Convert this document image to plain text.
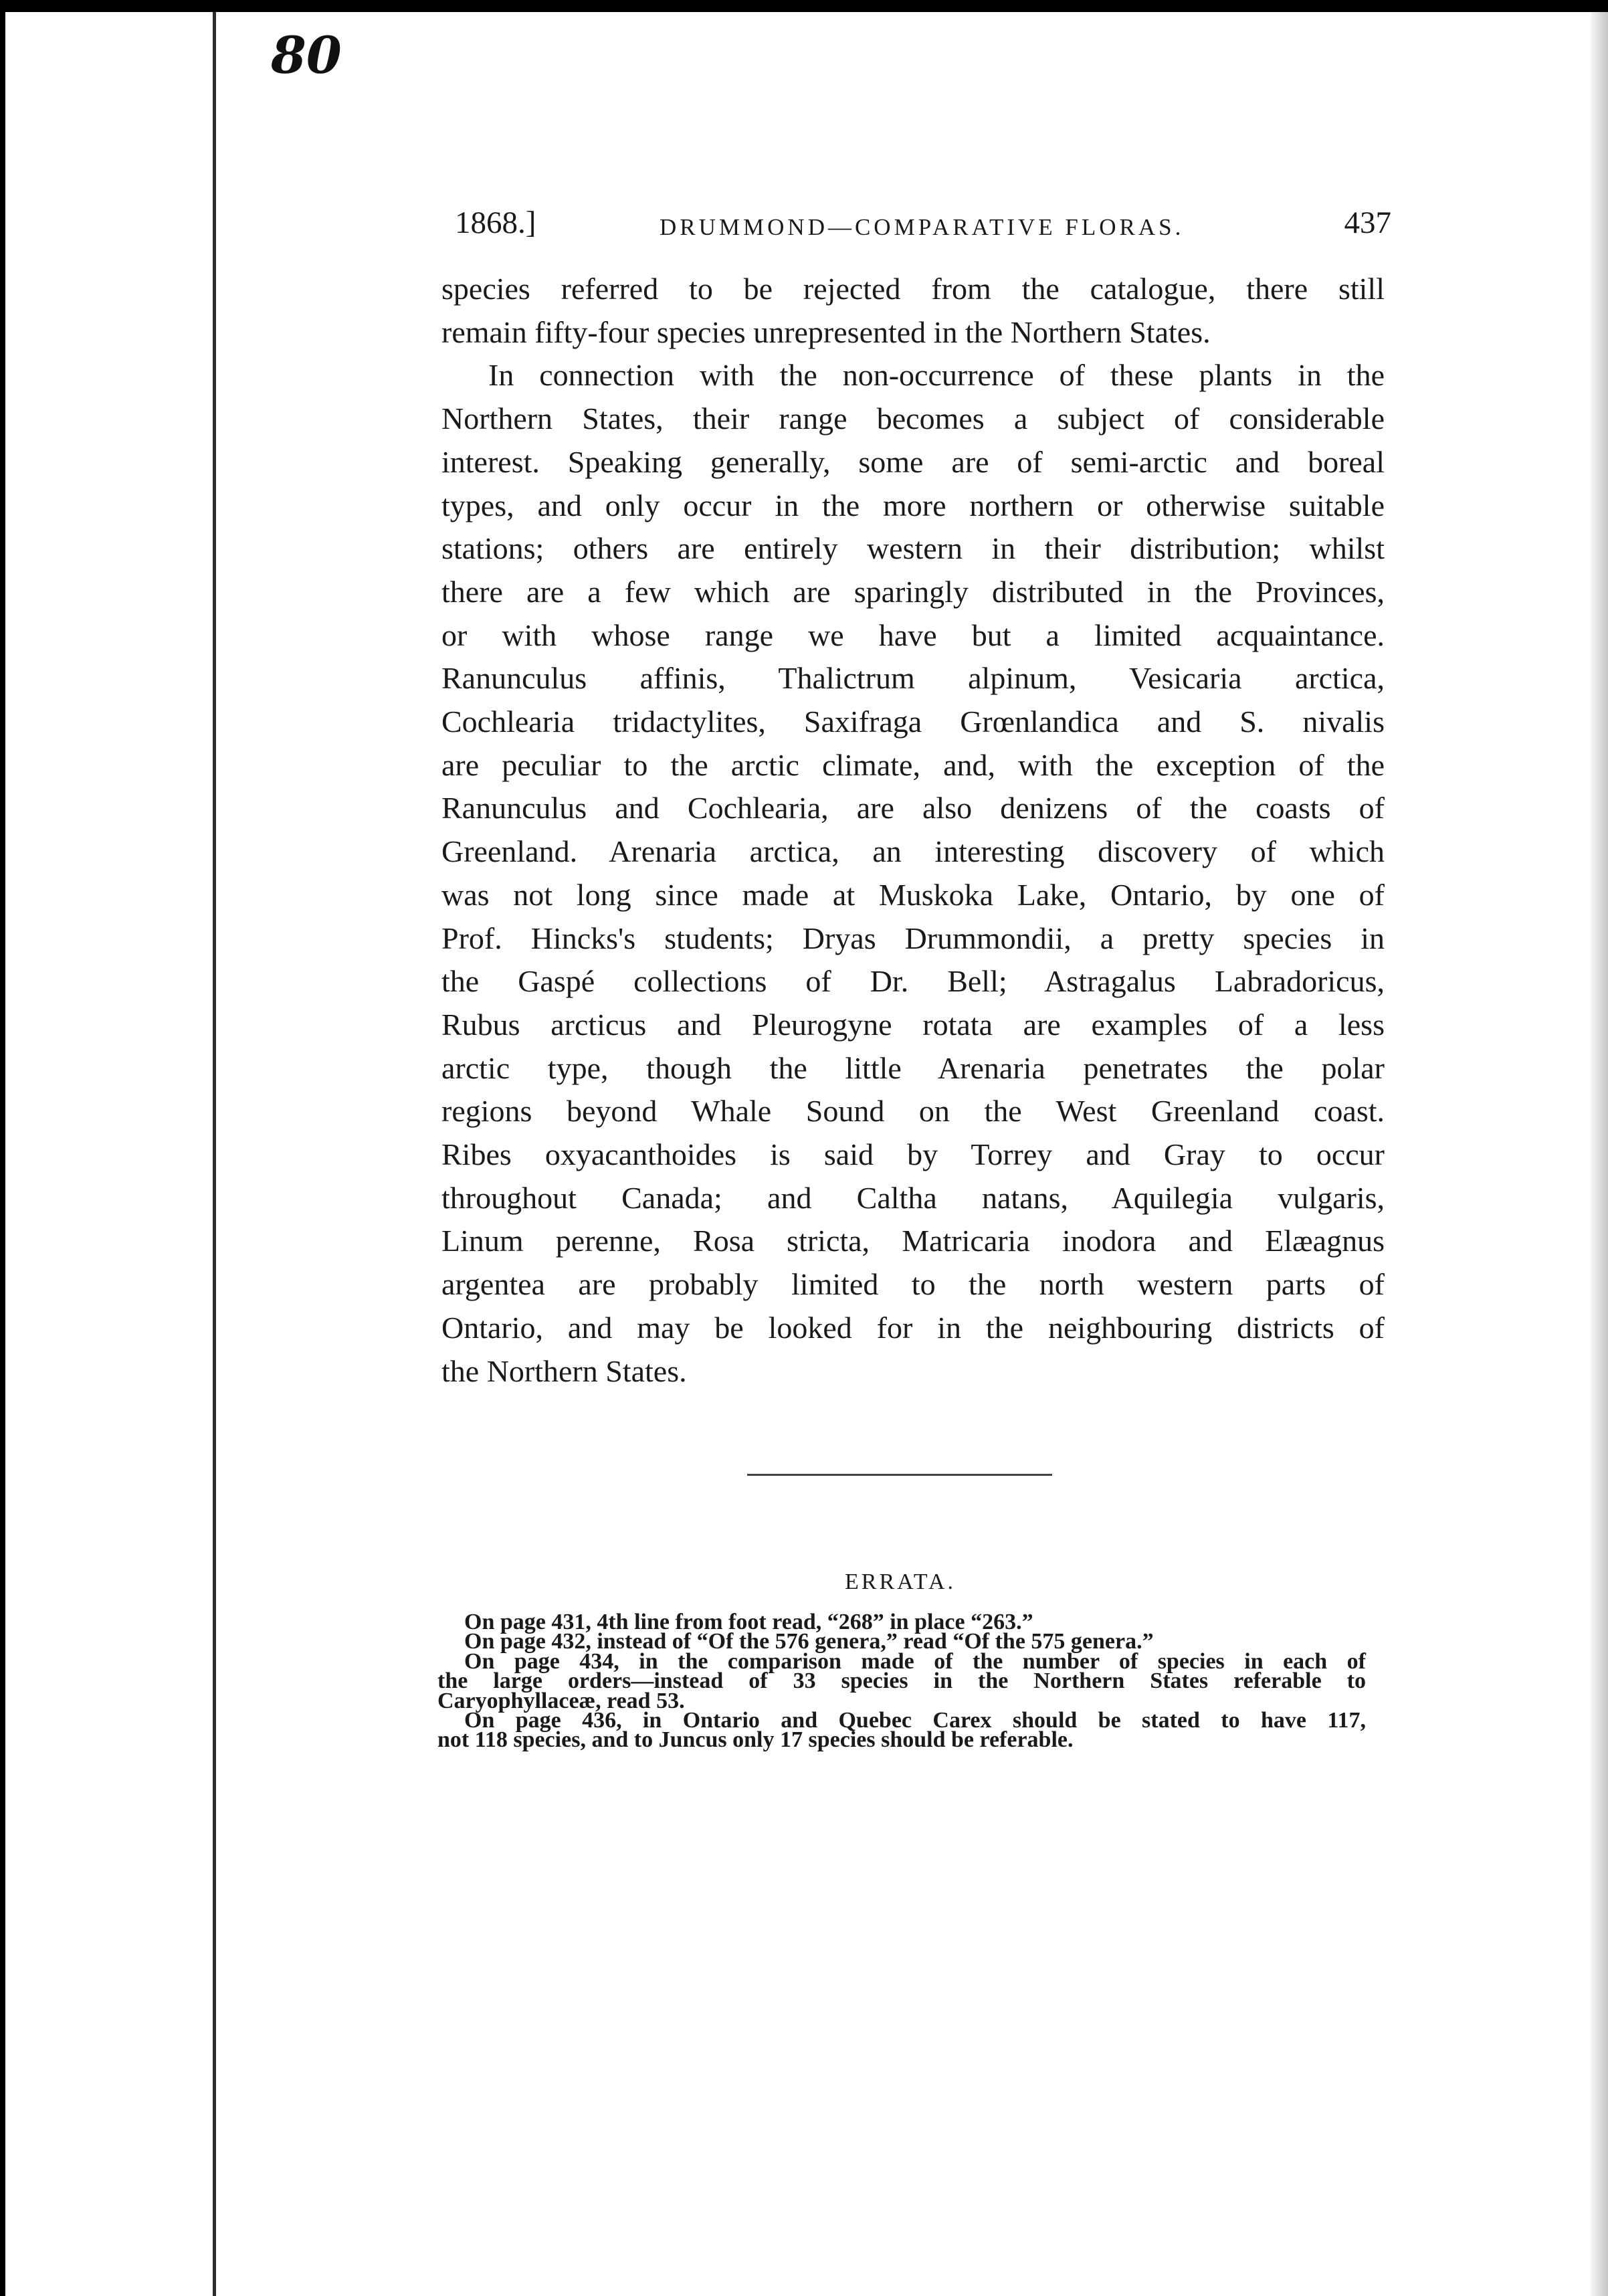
80
1868.]	DRUMMOND—COMPARATIVE FLORAS.	437
species referred to be rejected from the catalogue, there still
remain fifty-four species unrepresented in the Northern States.
In connection with the non-occurrence of these plants in the
Northern States, their range becomes a subject of considerable
interest. Speaking generally, some are of semi-arctic and boreal
types, and only occur in the more northern or otherwise suitable
stations; others are entirely western in their distribution; whilst
there are a few which are sparingly distributed in the Provinces,
or with whose range we have but a limited acquaintance.
Ranunculus affinis, Thalictrum alpinum, Vesicaria arctica,
Cochlearia tridactylites, Saxifraga Grœnlandica and S. nivalis
are peculiar to the arctic climate, and, with the exception of the
Ranunculus and Cochlearia, are also denizens of the coasts of
Greenland. Arenaria arctica, an interesting discovery of which
was not long since made at Muskoka Lake, Ontario, by one of
Prof. Hincks's students; Dryas Drummondii, a pretty species in
the Gaspé collections of Dr. Bell; Astragalus Labradoricus,
Rubus arcticus and Pleurogyne rotata are examples of a less
arctic type, though the little Arenaria penetrates the polar
regions beyond Whale Sound on the West Greenland coast.
Ribes oxyacanthoides is said by Torrey and Gray to occur
throughout Canada; and Caltha natans, Aquilegia vulgaris,
Linum perenne, Rosa stricta, Matricaria inodora and Elæagnus
argentea are probably limited to the north western parts of
Ontario, and may be looked for in the neighbouring districts of
the Northern States.
ERRATA.
On page 431, 4th line from foot read, “268” in place “263.”
On page 432, instead of “Of the 576 genera,” read “Of the 575 genera.”
On page 434, in the comparison made of the number of species in each of
the large orders—instead of 33 species in the Northern States referable to
Caryophyllaceæ, read 53.
On page 436, in Ontario and Quebec Carex should be stated to have 117,
not 118 species, and to Juncus only 17 species should be referable.
